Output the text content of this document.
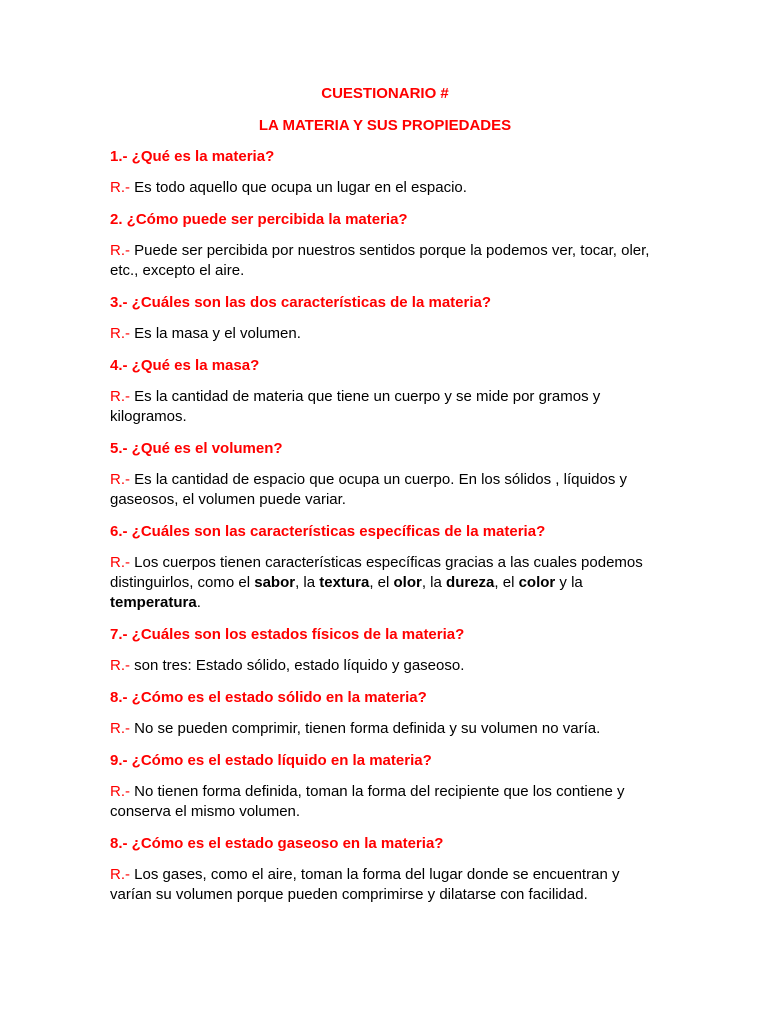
CUESTIONARIO #
LA MATERIA Y SUS PROPIEDADES

1.- ¿Qué es la materia?

R.- Es todo aquello que ocupa un lugar en el espacio.

2. ¿Cómo puede ser percibida la materia?

R.- Puede ser percibida por nuestros sentidos porque la podemos ver, tocar, oler, etc., excepto el aire.

3.- ¿Cuáles son las dos características de la materia?

R.- Es la masa y el volumen.

4.- ¿Qué es la masa?

R.- Es la cantidad de materia que tiene un cuerpo y se mide por gramos y kilogramos.

5.- ¿Qué es el volumen?

R.- Es la cantidad de espacio que ocupa un cuerpo. En los sólidos , líquidos y gaseosos, el volumen puede variar.

6.- ¿Cuáles son las características específicas de la materia?

R.- Los cuerpos tienen características específicas gracias a las cuales podemos distinguirlos, como el sabor, la textura, el olor, la dureza, el color y la temperatura.

7.- ¿Cuáles son los estados físicos de la materia?

R.- son tres: Estado sólido, estado líquido y gaseoso.

8.- ¿Cómo es el estado sólido en la materia?

R.- No se pueden comprimir, tienen forma definida y su volumen no varía.

9.- ¿Cómo es el estado líquido en la materia?

R.- No tienen forma definida, toman la forma del recipiente que los contiene y conserva el mismo volumen.

8.- ¿Cómo es el estado gaseoso en la materia?

R.- Los gases, como el aire, toman la forma del lugar donde se encuentran y varían su volumen porque pueden comprimirse y dilatarse con facilidad.
